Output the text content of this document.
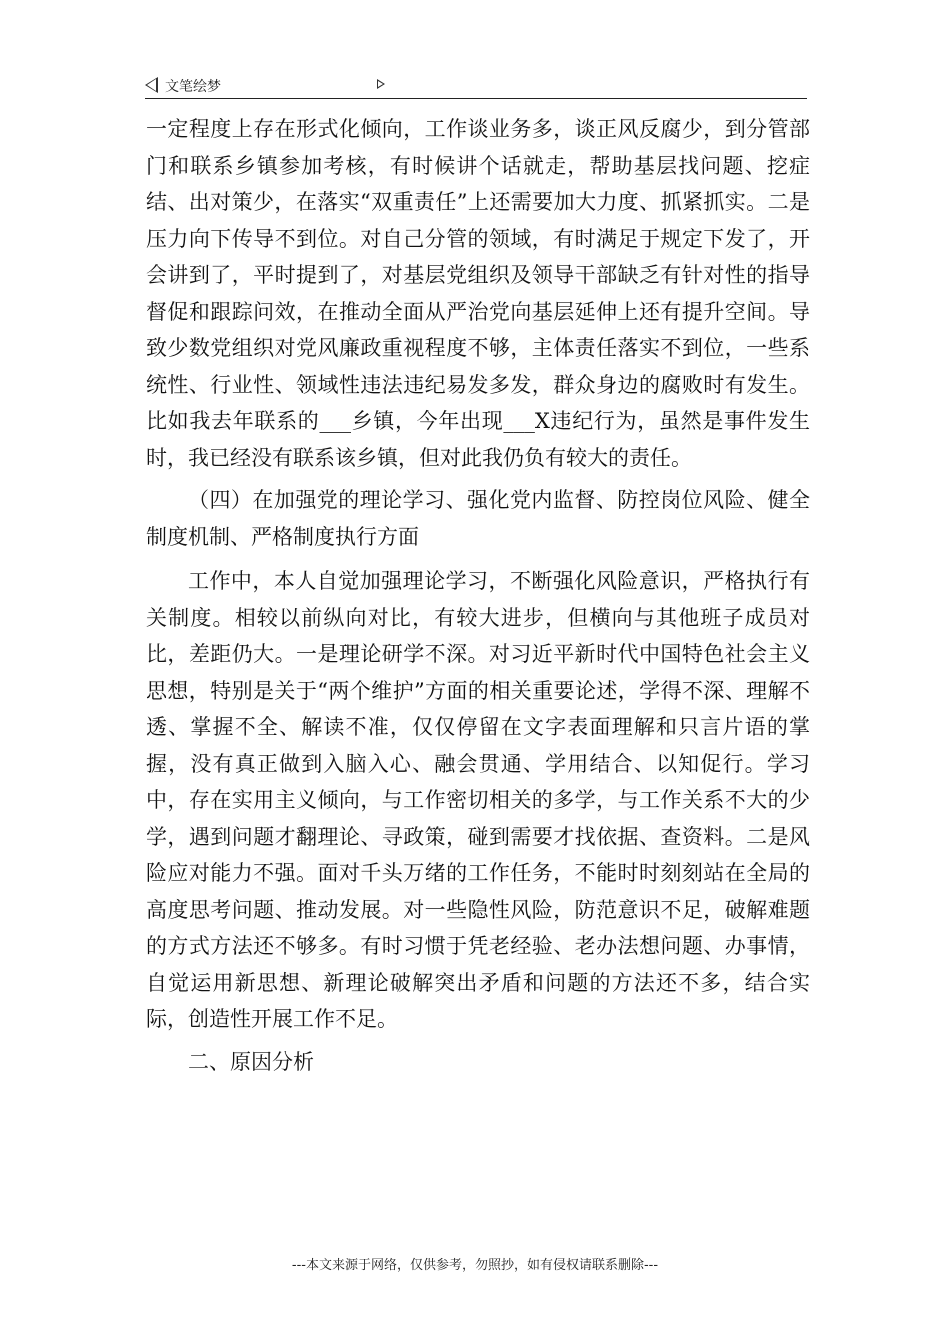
文笔绘梦

一定程度上存在形式化倾向，工作谈业务多，谈正风反腐少，到分管部门和联系乡镇参加考核，有时候讲个话就走，帮助基层找问题、挖症结、出对策少，在落实“双重责任”上还需要加大力度、抓紧抓实。二是压力向下传导不到位。对自己分管的领域，有时满足于规定下发了，开会讲到了，平时提到了，对基层党组织及领导干部缺乏有针对性的指导督促和跟踪问效，在推动全面从严治党向基层延伸上还有提升空间。导致少数党组织对党风廉政重视程度不够，主体责任落实不到位，一些系统性、行业性、领域性违法违纪易发多发，群众身边的腐败时有发生。比如我去年联系的___乡镇，今年出现___X违纪行为，虽然是事件发生时，我已经没有联系该乡镇，但对此我仍负有较大的责任。

（四）在加强党的理论学习、强化党内监督、防控岗位风险、健全制度机制、严格制度执行方面

工作中，本人自觉加强理论学习，不断强化风险意识，严格执行有关制度。相较以前纵向对比，有较大进步，但横向与其他班子成员对比，差距仍大。一是理论研学不深。对习近平新时代中国特色社会主义思想，特别是关于“两个维护”方面的相关重要论述，学得不深、理解不透、掌握不全、解读不准，仅仅停留在文字表面理解和只言片语的掌握，没有真正做到入脑入心、融会贯通、学用结合、以知促行。学习中，存在实用主义倾向，与工作密切相关的多学，与工作关系不大的少学，遇到问题才翻理论、寻政策，碰到需要才找依据、查资料。二是风险应对能力不强。面对千头万绪的工作任务，不能时时刻刻站在全局的高度思考问题、推动发展。对一些隐性风险，防范意识不足，破解难题的方式方法还不够多。有时习惯于凭老经验、老办法想问题、办事情，自觉运用新思想、新理论破解突出矛盾和问题的方法还不多，结合实际，创造性开展工作不足。

二、原因分析

---本文来源于网络，仅供参考，勿照抄，如有侵权请联系删除---
